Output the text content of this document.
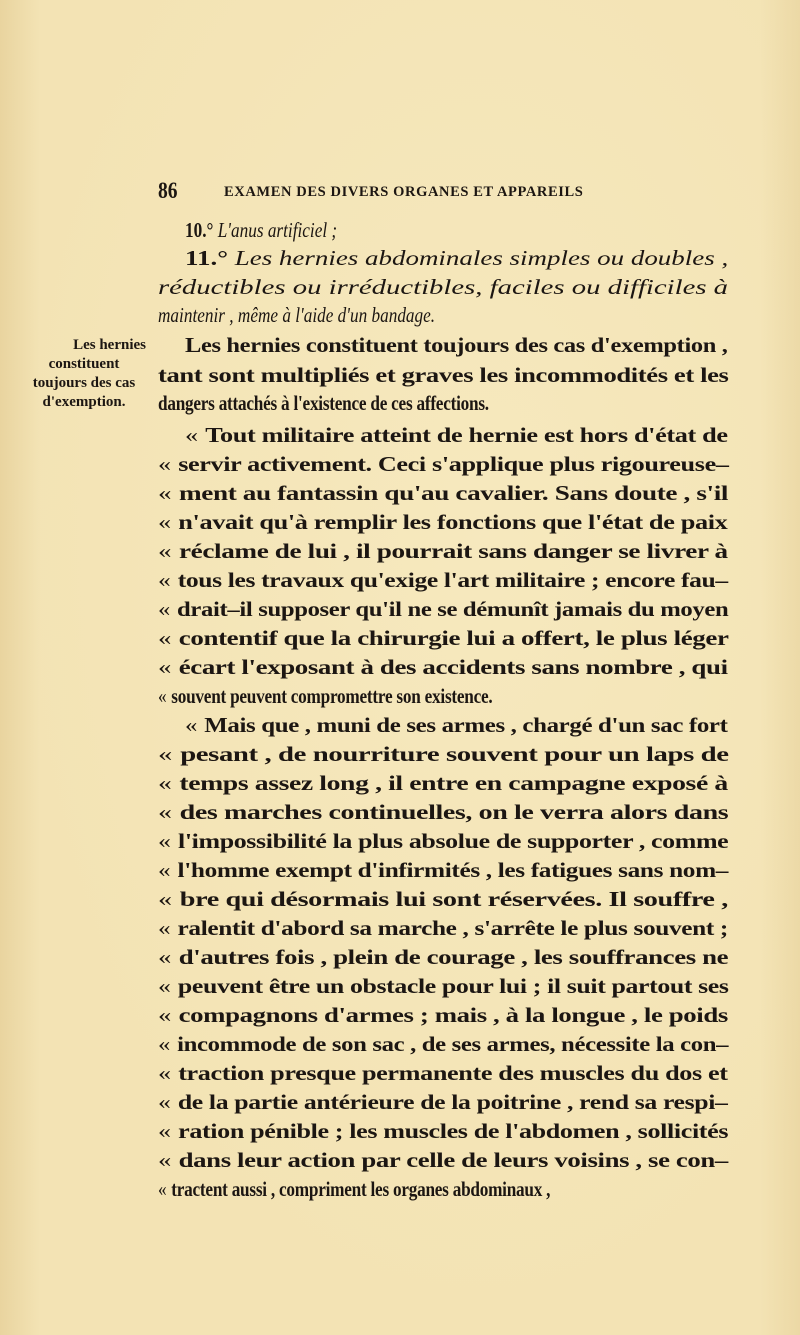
86	EXAMEN DES DIVERS ORGANES ET APPAREILS
10.° L'anus artificiel ;
11.° Les hernies abdominales simples ou doubles ,
réductibles ou irréductibles, faciles ou difficiles à
maintenir , même à l'aide d'un bandage.
Les hernies
constituent
toujours des cas
d'exemption.
Les hernies constituent toujours des cas d'exemption ,
tant sont multipliés et graves les incommodités et les
dangers attachés à l'existence de ces affections.
« Tout militaire atteint de hernie est hors d'état de
« servir activement. Ceci s'applique plus rigoureuse–
« ment au fantassin qu'au cavalier. Sans doute , s'il
« n'avait qu'à remplir les fonctions que l'état de paix
« réclame de lui , il pourrait sans danger se livrer à
« tous les travaux qu'exige l'art militaire ; encore fau–
« drait–il supposer qu'il ne se démunît jamais du moyen
« contentif que la chirurgie lui a offert, le plus léger
« écart l'exposant à des accidents sans nombre , qui
« souvent peuvent compromettre son existence.
« Mais que , muni de ses armes , chargé d'un sac fort
« pesant , de nourriture souvent pour un laps de
« temps assez long , il entre en campagne exposé à
« des marches continuelles, on le verra alors dans
« l'impossibilité la plus absolue de supporter , comme
« l'homme exempt d'infirmités , les fatigues sans nom–
« bre qui désormais lui sont réservées. Il souffre ,
« ralentit d'abord sa marche , s'arrête le plus souvent ;
« d'autres fois , plein de courage , les souffrances ne
« peuvent être un obstacle pour lui ; il suit partout ses
« compagnons d'armes ; mais , à la longue , le poids
« incommode de son sac , de ses armes, nécessite la con–
« traction presque permanente des muscles du dos et
« de la partie antérieure de la poitrine , rend sa respi–
« ration pénible ; les muscles de l'abdomen , sollicités
« dans leur action par celle de leurs voisins , se con–
« tractent aussi , compriment les organes abdominaux ,
